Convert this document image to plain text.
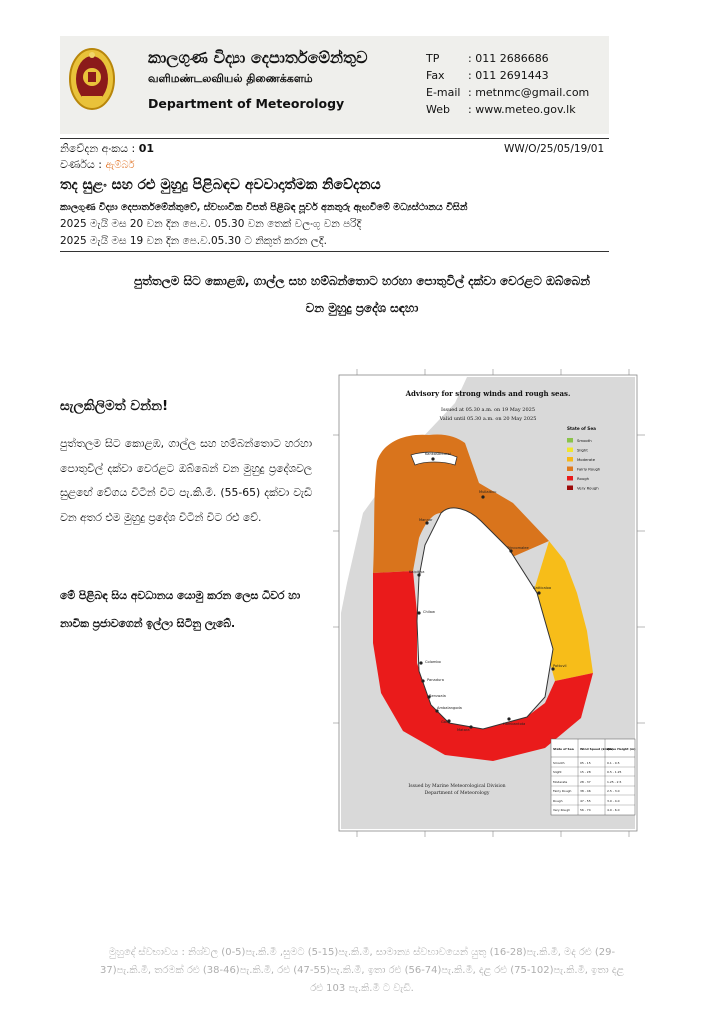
කාලගුණ විද්‍යා දෙපාර්තමේන්තුව
வளிமண்டலவியல் திணைக்களம்
Department of Meteorology
TP	: 011 2686686
Fax	: 011 2691443
E-mail : metnmc@gmail.com
Web	: www.meteo.gov.lk
නිවේදන අංකය : 01
වර්ණය : ඇම්බර්
WW/O/25/05/19/01
තද සුළං සහ රළු මුහුදු පිළිබඳව අවවාදාත්මක නිවේදනය
කාලගුණ විද්‍යා දෙපාර්තමේන්තුවේ, ස්වභාවික විපත් පිළිබඳ පූර්ව අනතුරු ඇඟවීමේ මධ්‍යස්ථානය විසින්
2025 මැයි මස 20 වන දින පෙ.ව. 05.30 වන තෙක් වලංගු වන පරිදි
2025 මැයි මස 19 වන දින පෙ.ව.05.30 ට නිකුත් කරන ලදි.
පුත්තලම සිට කොළඹ, ගාල්ල සහ හම්බන්තොට හරහා පොතුවිල් දක්වා වෙරළට ඔබ්බෙන්
වන මුහුදු ප්‍රදේශ සඳහා
සැලකිලිමත් වන්න!
පුත්තලම සිට කොළඹ, ගාල්ල සහ හම්බන්තොට හරහා පොතුවිල් දක්වා වෙරළට ඔබ්බෙන් වන මුහුදු ප්‍රදේශවල සුළඟේ වේගය විටින් විට පැ.කි.මී. (55-65) දක්වා වැඩි වන අතර එම මුහුදු ප්‍රදේශ විටින් විට රළු වේ.
මේ පිළිබඳ සිය අවධානය යොමු කරන ලෙස ධීවර හා නාවික ප්‍රජාවගෙන් ඉල්ලා සිටිනු ලැබේ.
Kankasanturai
Mullaitivu
Mannar
Trincomalee
Kalpitiya
Batticaloa
Chilaw
Pottuvil
Colombo
Panadura
Beruwala
Ambalangoda
Galle
Matara
Hambantota
Advisory for strong winds and rough seas.
Issued at 05.30 a.m. on 19 May 2025
Valid until 05.30 a.m. on 20 May 2025
State of Sea
Smooth
Slight
Moderate
Fairly Rough
Rough
Very Rough
State of Sea Wind Speed (kmph)
Wave Height (m)
Smooth	05 - 15	0.1 - 0.5
Slight	15 - 28	0.5 - 1.25
Moderate	28 - 37	1.25 - 2.5
Fairly Rough	38 - 46	2.5 - 3.0
Rough	47 - 55	3.0 - 4.0
Very Rough	56 - 74	4.0 - 6.0
Issued by Marine Meteorological Division
Department of Meteorology
මුහුදේ ස්වභාවය : නිශ්චල (0-5)පැ.කි.මී ,සුමට (5-15)පැ.කි.මී, සාමාන්‍ය ස්වභාවයෙන් යුතු (16-28)පැ.කි.මී, මද රළු (29-
37)පැ.කි.මී, තරමක් රළු (38-46)පැ.කි.මී, රළු (47-55)පැ.කි.මී, ඉතා රළු (56-74)පැ.කි.මී, දළ රළු (75-102)පැ.කි.මී, ඉතා දළ
රළු 103 පැ.කි.මී ට වැඩි.
